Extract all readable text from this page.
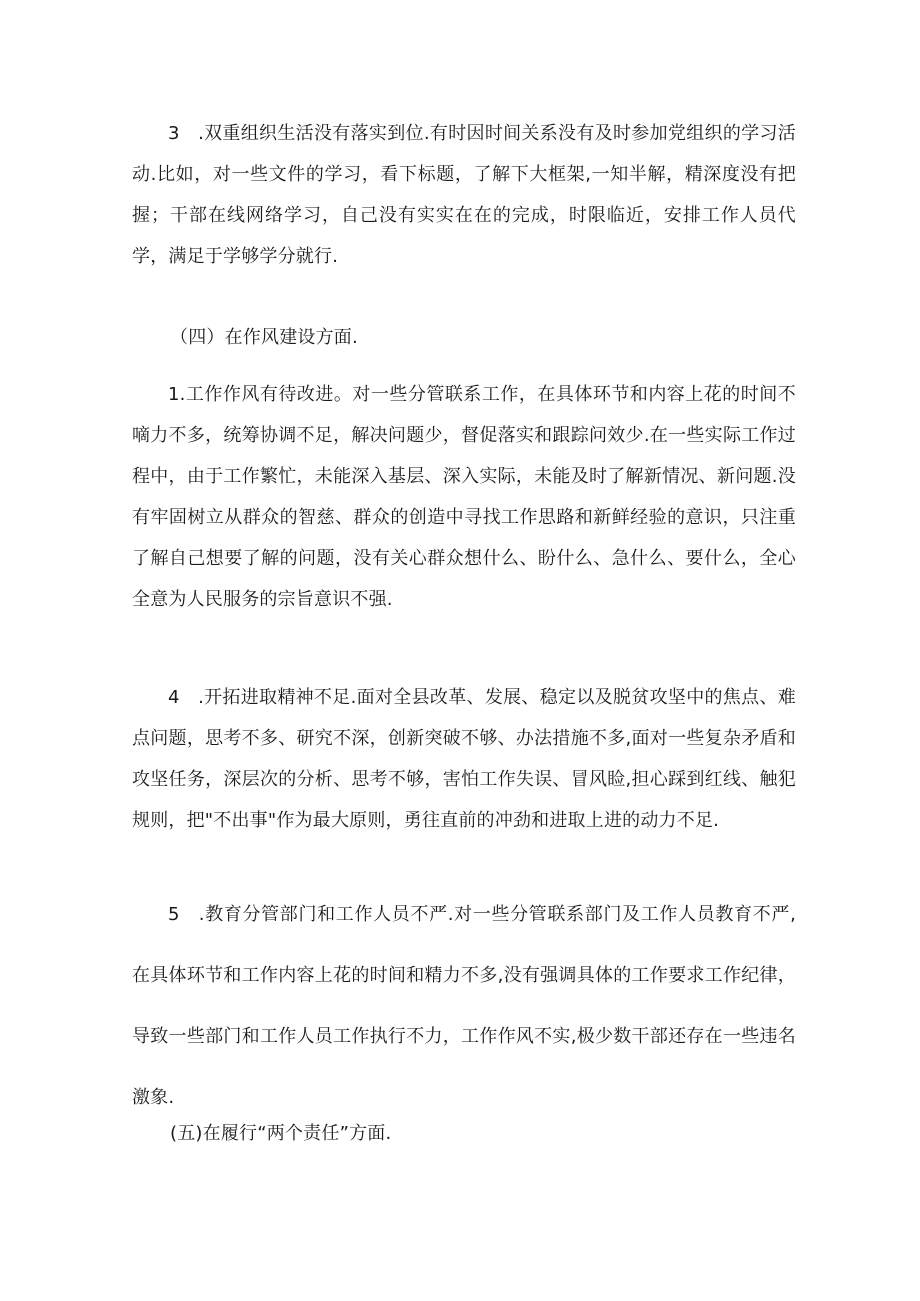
3　.双重组织生活没有落实到位.有时因时间关系没有及时参加党组织的学习活动.比如，对一些文件的学习，看下标题，了解下大框架,一知半解，精深度没有把握；干部在线网络学习，自己没有实实在在的完成，时限临近，安排工作人员代学，满足于学够学分就行.

（四）在作风建设方面.

1.工作作风有待改进。对一些分管联系工作，在具体环节和内容上花的时间不嘀力不多，统筹协调不足，解决问题少，督促落实和跟踪问效少.在一些实际工作过程中，由于工作繁忙，未能深入基层、深入实际，未能及时了解新情况、新问题.没有牢固树立从群众的智慈、群众的创造中寻找工作思路和新鲜经验的意识，只注重了解自己想要了解的问题，没有关心群众想什么、盼什么、急什么、要什么，全心全意为人民服务的宗旨意识不强.

4　.开拓进取精神不足.面对全县改革、发展、稳定以及脱贫攻坚中的焦点、难点问题，思考不多、研究不深，创新突破不够、办法措施不多,面对一些复杂矛盾和攻坚任务，深层次的分析、思考不够，害怕工作失误、冒风睑,担心踩到红线、触犯规则，把"不出事"作为最大原则，勇往直前的冲劲和进取上进的动力不足.

5　.教育分管部门和工作人员不严.对一些分管联系部门及工作人员教育不严,在具体环节和工作内容上花的时间和精力不多,没有强调具体的工作要求工作纪律，导致一些部门和工作人员工作执行不力，工作作风不实,极少数干部还存在一些违名激象.

(五)在履行“两个责任”方面.
